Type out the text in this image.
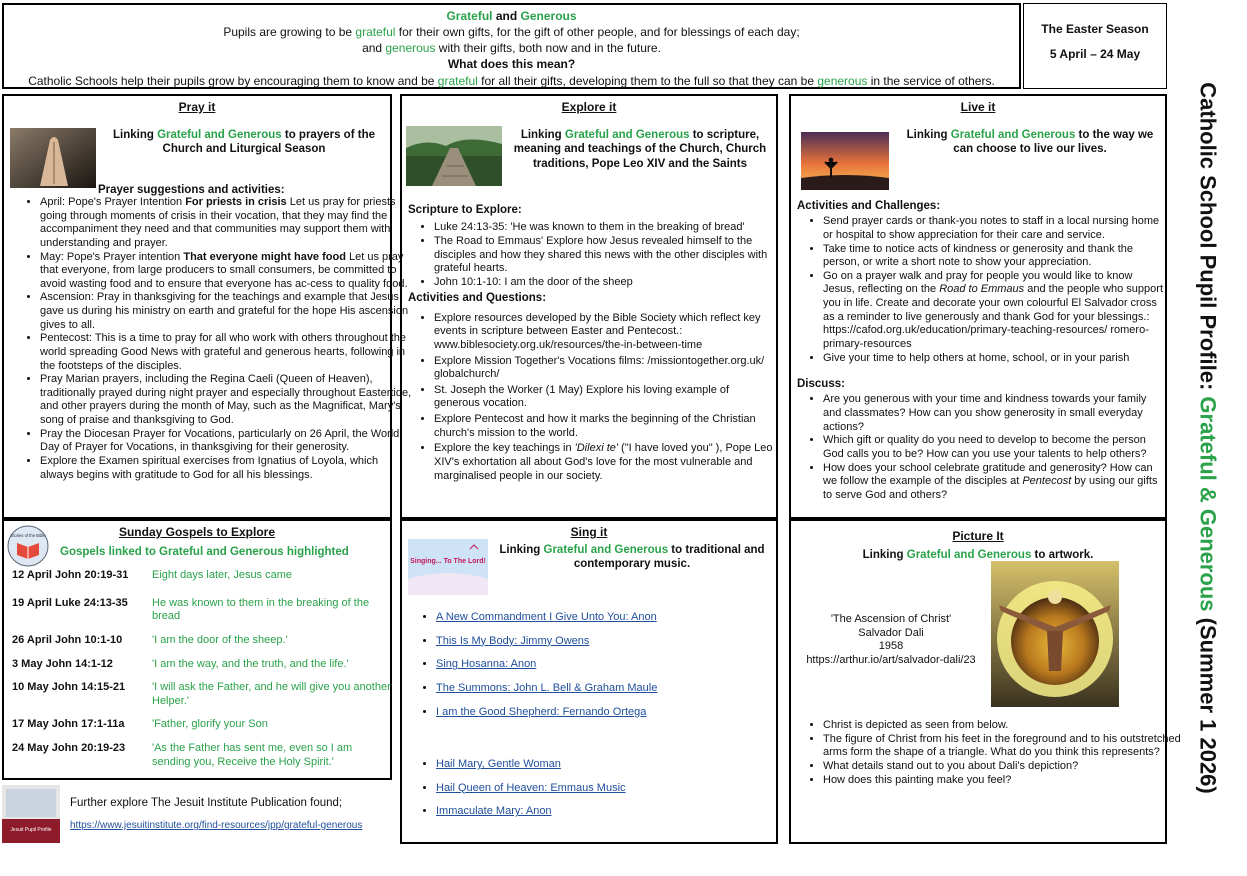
Grateful and Generous
Pupils are growing to be grateful for their own gifts, for the gift of other people, and for blessings of each day;
and generous with their gifts, both now and in the future.
What does this mean?
Catholic Schools help their pupils grow by encouraging them to know and be grateful for all their gifts, developing them to the full so that they can be generous in the service of others.
The Easter Season
5 April – 24 May
Catholic School Pupil Profile: Grateful & Generous (Summer 1 2026)
Pray it
Linking Grateful and Generous to prayers of the Church and Liturgical Season
Prayer suggestions and activities:
• April: Pope's Prayer Intention For priests in crisis Let us pray for priests going through moments of crisis in their vocation, that they may find the accompaniment they need and that communities may support them with understanding and prayer.
• May: Pope's Prayer intention That everyone might have food Let us pray that everyone, from large producers to small consumers, be committed to avoid wasting food and to ensure that everyone has ac-cess to quality food.
• Ascension: Pray in thanksgiving for the teachings and example that Jesus gave us during his ministry on earth and grateful for the hope His ascension gives to all.
• Pentecost: This is a time to pray for all who work with others throughout the world spreading Good News with grateful and generous hearts, following in the footsteps of the disciples.
• Pray Marian prayers, including the Regina Caeli (Queen of Heaven), traditionally prayed during night prayer and especially throughout Eastertide, and other prayers during the month of May, such as the Magnificat, Mary's song of praise and thanksgiving to God.
• Pray the Diocesan Prayer for Vocations, particularly on 26 April, the World Day of Prayer for Vocations, in thanksgiving for their generosity.
• Explore the Examen spiritual exercises from Ignatius of Loyola, which always begins with gratitude to God for all his blessings.
Explore it
Linking Grateful and Generous to scripture, meaning and teachings of the Church, Church traditions, Pope Leo XIV and the Saints
Scripture to Explore:
• Luke 24:13-35: 'He was known to them in the breaking of bread'
• The Road to Emmaus' Explore how Jesus revealed himself to the disciples and how they shared this news with the other disciples with grateful hearts.
• John 10:1-10: I am the door of the sheep
Activities and Questions:
• Explore resources developed by the Bible Society which reflect key events in scripture between Easter and Pentecost.: www.biblesociety.org.uk/resources/the-in-between-time
• Explore Mission Together's Vocations films: /missiontogether.org.uk/ globalchurch/
• St. Joseph the Worker (1 May) Explore his loving example of generous vocation.
• Explore Pentecost and how it marks the beginning of the Christian church's mission to the world.
• Explore the key teachings in 'Dilexi te' ("I have loved you" ), Pope Leo XIV's exhortation all about God's love for the most vulnerable and marginalised people in our society.
Live it
Linking Grateful and Generous to the way we can choose to live our lives.
Activities and Challenges:
• Send prayer cards or thank-you notes to staff in a local nursing home or hospital to show appreciation for their care and service.
• Take time to notice acts of kindness or generosity and thank the person, or write a short note to show your appreciation.
• Go on a prayer walk and pray for people you would like to know Jesus, reflecting on the Road to Emmaus and the people who support you in life. Create and decorate your own colourful El Salvador cross as a reminder to live generously and thank God for your blessings.: https://cafod.org.uk/education/primary-teaching-resources/ romero-primary-resources
• Give your time to help others at home, school, or in your parish
Discuss:
• Are you generous with your time and kindness towards your family and classmates? How can you show generosity in small everyday actions?
• Which gift or quality do you need to develop to become the person God calls you to be? How can you use your talents to help others?
• How does your school celebrate gratitude and generosity? How can we follow the example of the disciples at Pentecost by using our gifts to serve God and others?
Sunday Gospels to Explore
Stories of the Bible
Gospels linked to Grateful and Generous highlighted
12 April John 20:19-31	Eight days later, Jesus came
19 April Luke 24:13-35	He was known to them in the breaking of the bread
26 April John 10:1-10	'I am the door of the sheep.'
3 May John 14:1-12	'I am the way, and the truth, and the life.'
10 May John 14:15-21	'I will ask the Father, and he will give you another Helper.'
17 May John 17:1-11a	'Father, glorify your Son
24 May John 20:19-23	'As the Father has sent me, even so I am sending you, Receive the Holy Spirit.'
Jesuit Pupil Profile
Further explore The Jesuit Institute Publication found;
https://www.jesuitinstitute.org/find-resources/jpp/grateful-generous
Sing it
Singing... To The Lord!
Linking Grateful and Generous to traditional and contemporary music.
• A New Commandment I Give Unto You: Anon
• This Is My Body: Jimmy Owens
• Sing Hosanna: Anon
• The Summons: John L. Bell & Graham Maule
• I am the Good Shepherd: Fernando Ortega
• Hail Mary, Gentle Woman
• Hail Queen of Heaven: Emmaus Music
• Immaculate Mary: Anon
Picture It
Linking Grateful and Generous to artwork.
'The Ascension of Christ'
Salvador Dali
1958
https://arthur.io/art/salvador-dali/23
• Christ is depicted as seen from below.
• The figure of Christ from his feet in the foreground and to his outstretched arms form the shape of a triangle. What do you think this represents?
• What details stand out to you about Dali's depiction?
• How does this painting make you feel?
